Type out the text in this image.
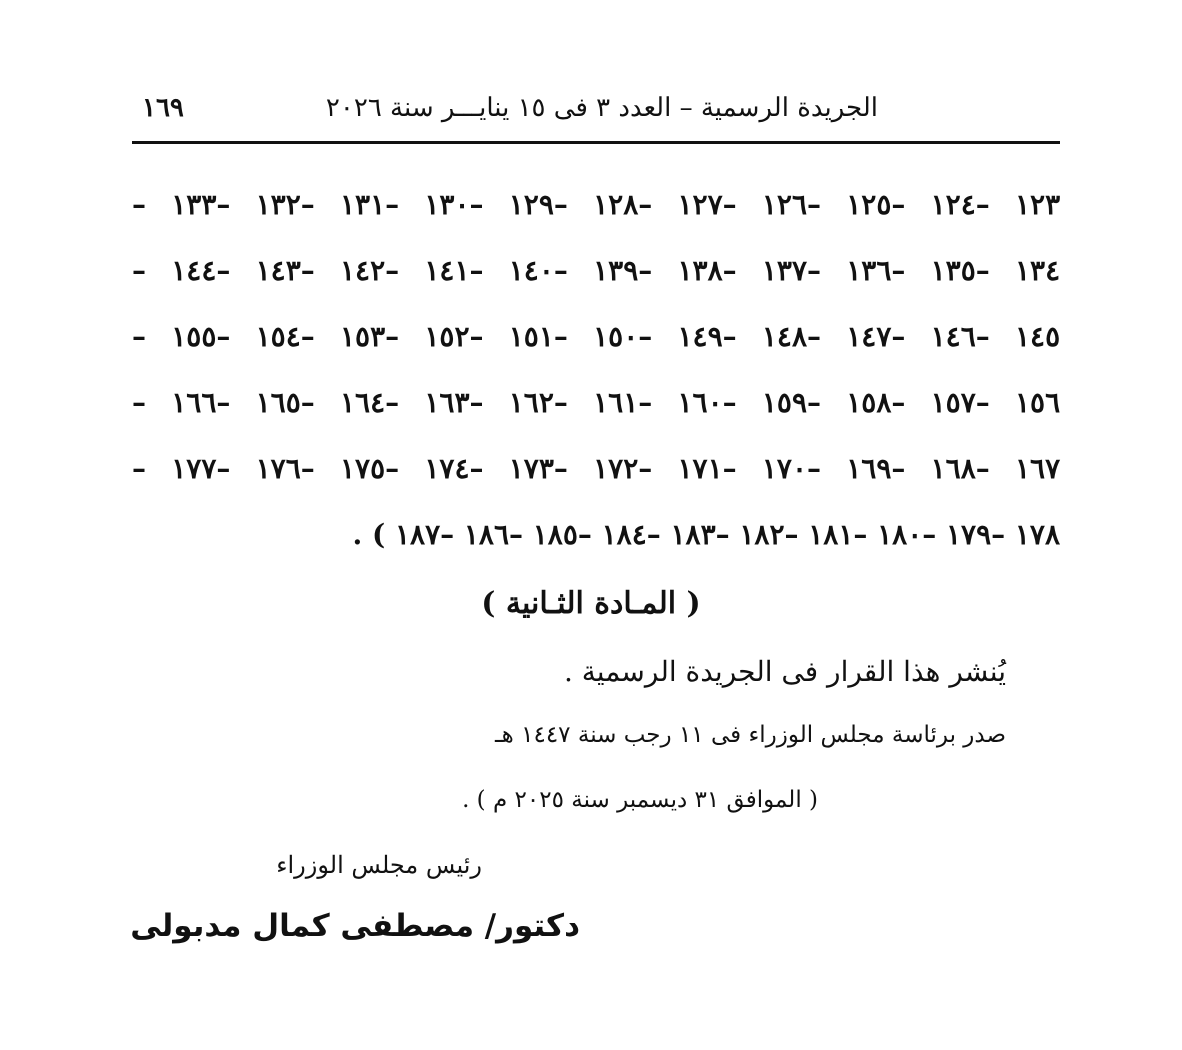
الجريدة الرسمية – العدد ٣ فى ١٥ ينايـــر سنة ٢٠٢٦
١٦٩
١٢٣ –١٢٤ –١٢٥ –١٢٦ –١٢٧ –١٢٨ –١٢٩ –١٣٠ –١٣١ –١٣٢ –١٣٣ –
١٣٤ –١٣٥ –١٣٦ –١٣٧ –١٣٨ –١٣٩ –١٤٠ –١٤١ –١٤٢ –١٤٣ –١٤٤ –
١٤٥ –١٤٦ –١٤٧ –١٤٨ –١٤٩ –١٥٠ –١٥١ –١٥٢ –١٥٣ –١٥٤ –١٥٥ –
١٥٦ –١٥٧ –١٥٨ –١٥٩ –١٦٠ –١٦١ –١٦٢ –١٦٣ –١٦٤ –١٦٥ –١٦٦ –
١٦٧ –١٦٨ –١٦٩ –١٧٠ –١٧١ –١٧٢ –١٧٣ –١٧٤ –١٧٥ –١٧٦ –١٧٧ –
١٧٨ –١٧٩ –١٨٠ –١٨١ –١٨٢ –١٨٣ –١٨٤ –١٨٥ –١٨٦ –١٨٧ ) .
( المـادة الثـانية )
يُنشر هذا القرار فى الجريدة الرسمية .
صدر برئاسة مجلس الوزراء فى ١١ رجب سنة ١٤٤٧ هـ
( الموافق ٣١ ديسمبر سنة ٢٠٢٥ م ) .
رئيس مجلس الوزراء
دكتور/ مصطفى كمال مدبولى
